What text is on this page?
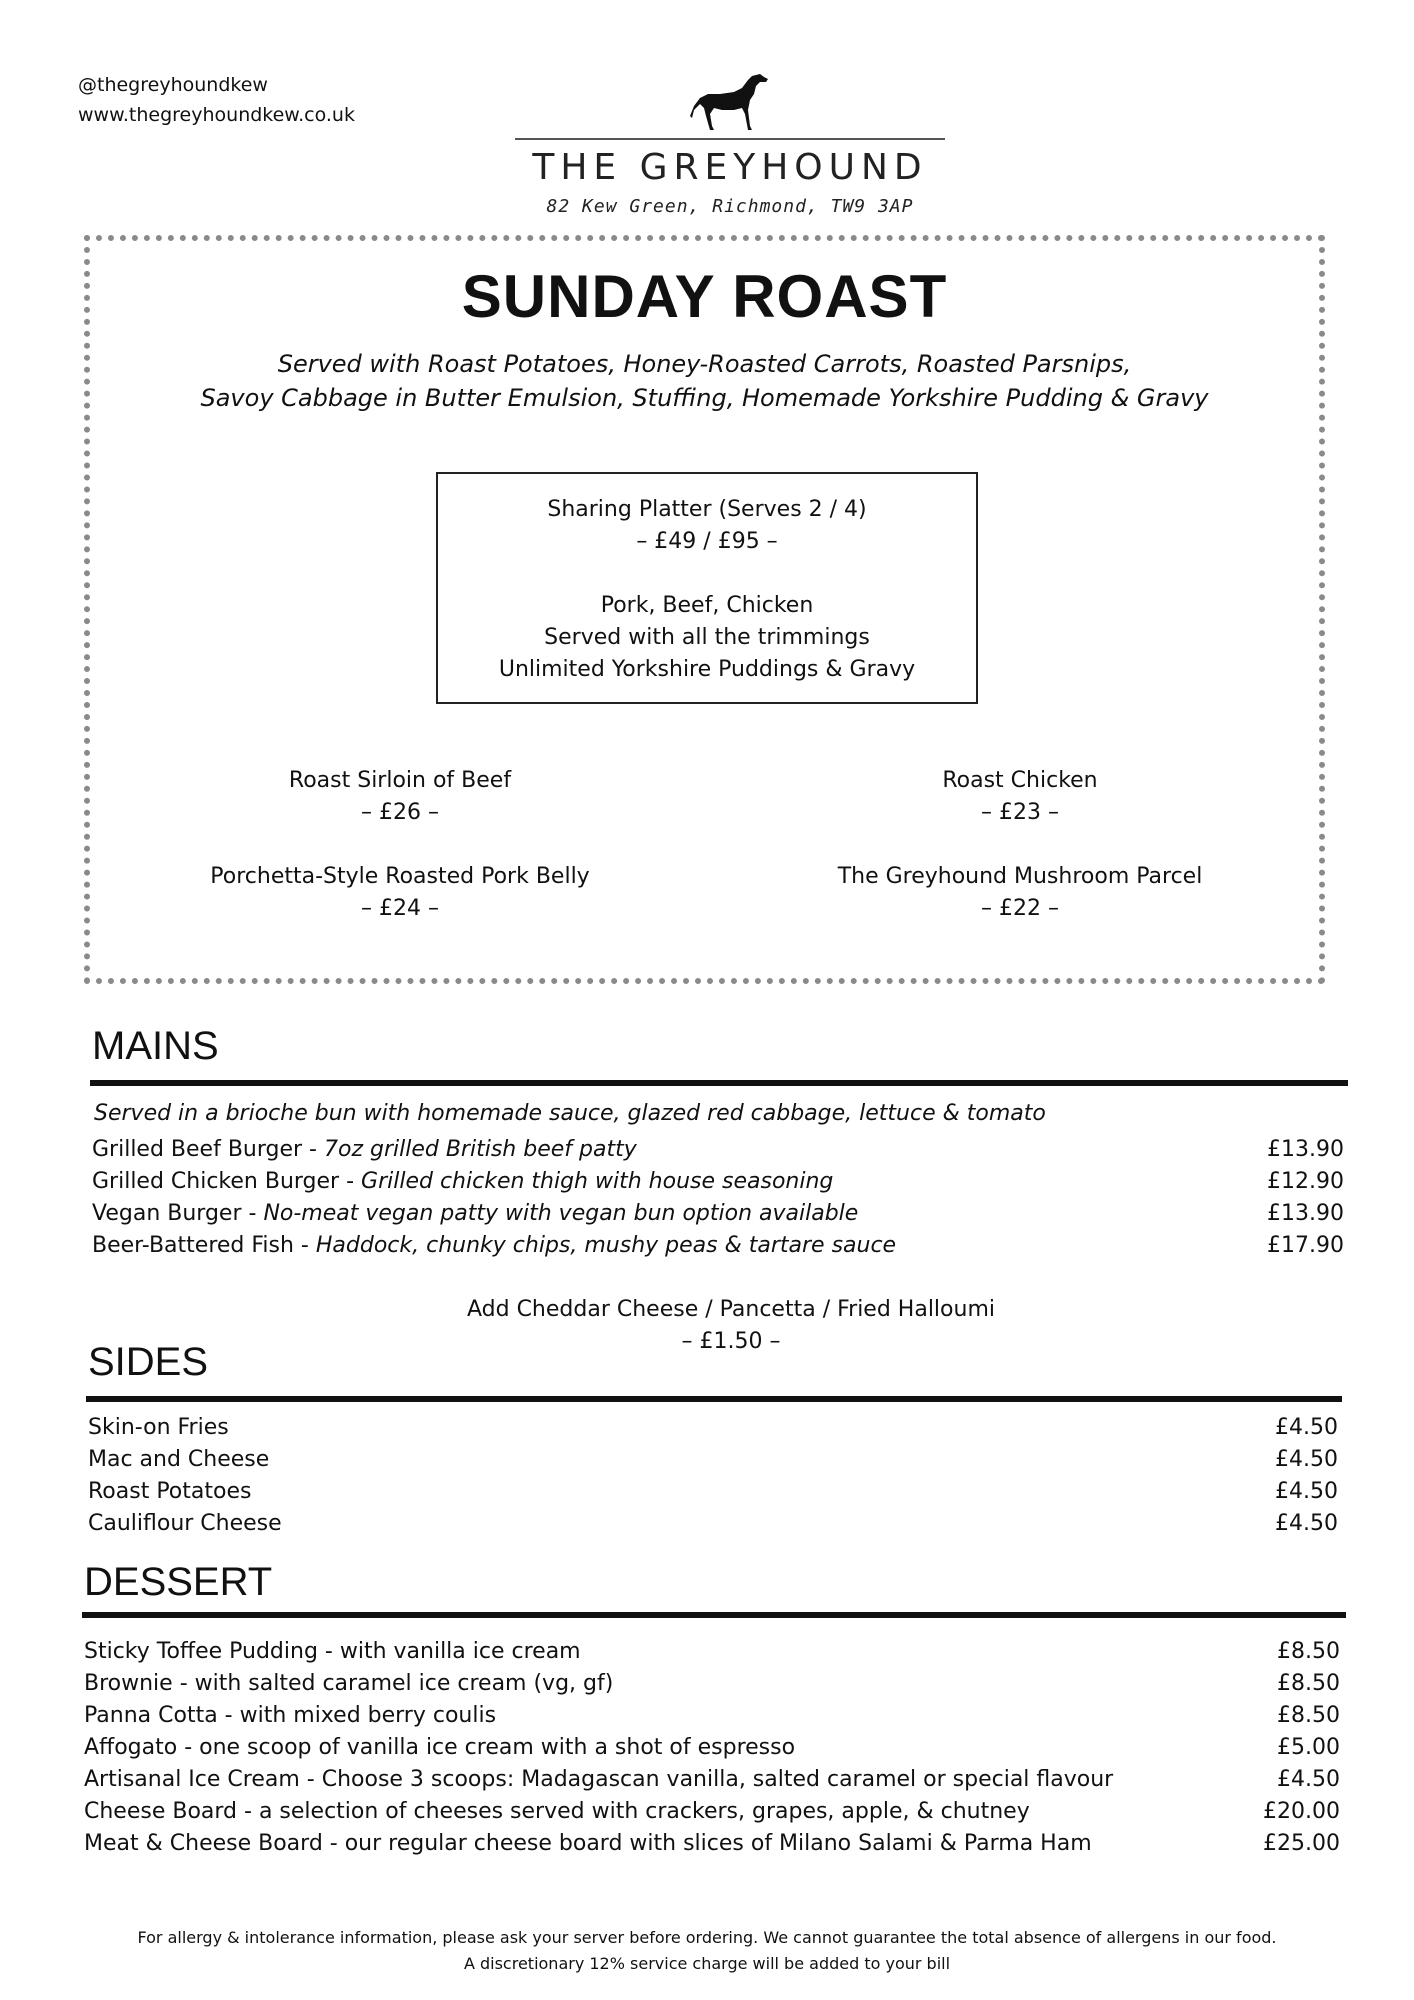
@thegreyhoundkew
www.thegreyhoundkew.co.uk
THE GREYHOUND
82 Kew Green, Richmond, TW9 3AP
SUNDAY ROAST
Served with Roast Potatoes, Honey-Roasted Carrots, Roasted Parsnips,
Savoy Cabbage in Butter Emulsion, Stuffing, Homemade Yorkshire Pudding & Gravy
Sharing Platter (Serves 2 / 4)
– £49 / £95 –
Pork, Beef, Chicken
Served with all the trimmings
Unlimited Yorkshire Puddings & Gravy
Roast Sirloin of Beef
– £26 –
Roast Chicken
– £23 –
Porchetta-Style Roasted Pork Belly
– £24 –
The Greyhound Mushroom Parcel
– £22 –
MAINS
Served in a brioche bun with homemade sauce, glazed red cabbage, lettuce & tomato
Grilled Beef Burger - 7oz grilled British beef patty	£13.90
Grilled Chicken Burger - Grilled chicken thigh with house seasoning	£12.90
Vegan Burger - No-meat vegan patty with vegan bun option available	£13.90
Beer-Battered Fish - Haddock, chunky chips, mushy peas & tartare sauce	£17.90
Add Cheddar Cheese / Pancetta / Fried Halloumi
– £1.50 –
SIDES
Skin-on Fries	£4.50
Mac and Cheese	£4.50
Roast Potatoes	£4.50
Cauliflour Cheese	£4.50
DESSERT
Sticky Toffee Pudding - with vanilla ice cream	£8.50
Brownie - with salted caramel ice cream (vg, gf)	£8.50
Panna Cotta - with mixed berry coulis	£8.50
Affogato - one scoop of vanilla ice cream with a shot of espresso	£5.00
Artisanal Ice Cream - Choose 3 scoops: Madagascan vanilla, salted caramel or special flavour	£4.50
Cheese Board - a selection of cheeses served with crackers, grapes, apple, & chutney	£20.00
Meat & Cheese Board - our regular cheese board with slices of Milano Salami & Parma Ham	£25.00
For allergy & intolerance information, please ask your server before ordering. We cannot guarantee the total absence of allergens in our food.
A discretionary 12% service charge will be added to your bill
